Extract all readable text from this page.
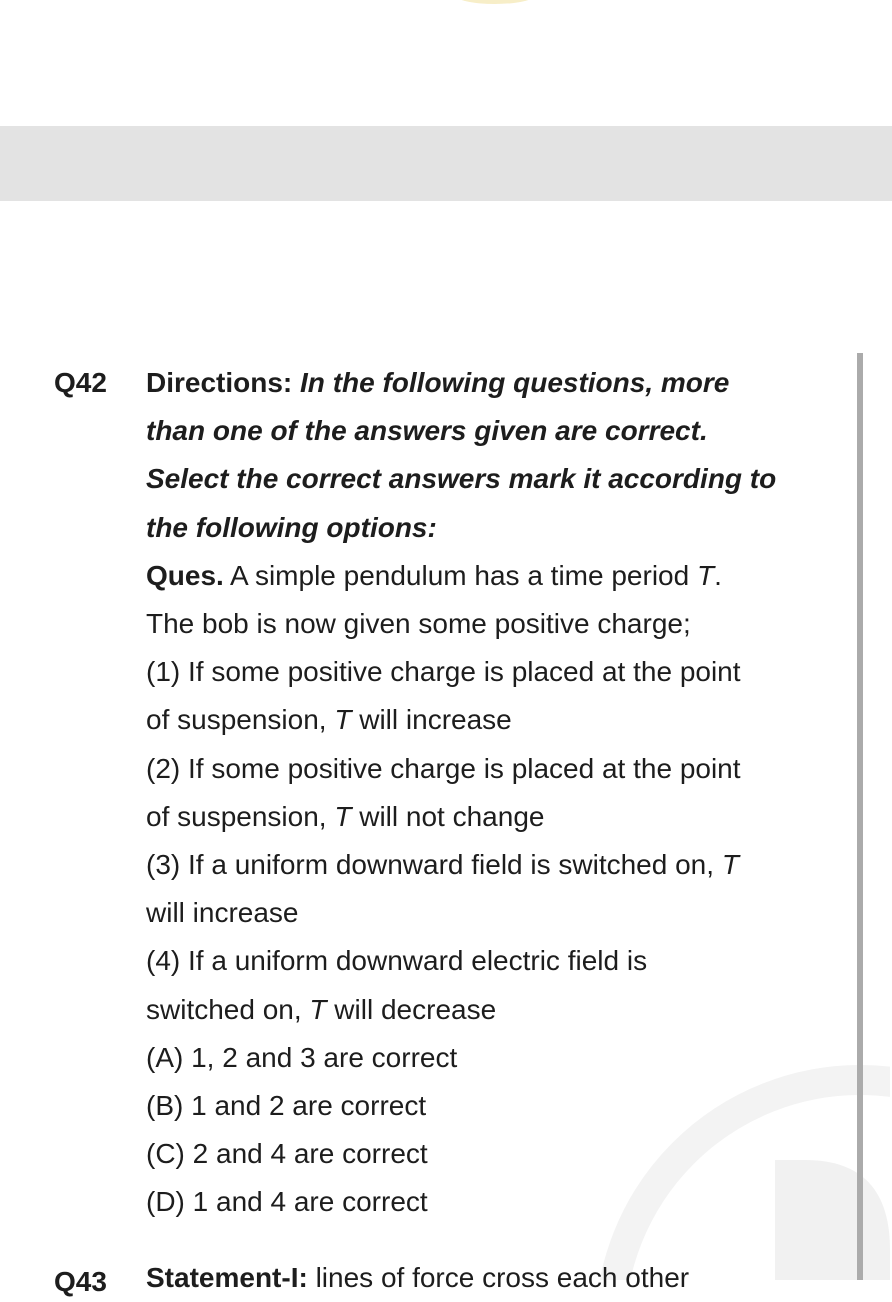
Q42 Directions: In the following questions, more
than one of the answers given are correct.
Select the correct answers mark it according to
the following options:
Ques. A simple pendulum has a time period T.
The bob is now given some positive charge;
(1) If some positive charge is placed at the point
of suspension, T will increase
(2) If some positive charge is placed at the point
of suspension, T will not change
(3) If a uniform downward field is switched on, T
will increase
(4) If a uniform downward electric field is
switched on, T will decrease
(A) 1, 2 and 3 are correct
(B) 1 and 2 are correct
(C) 2 and 4 are correct
(D) 1 and 4 are correct
Q43 Statement-I: lines of force cross each other
